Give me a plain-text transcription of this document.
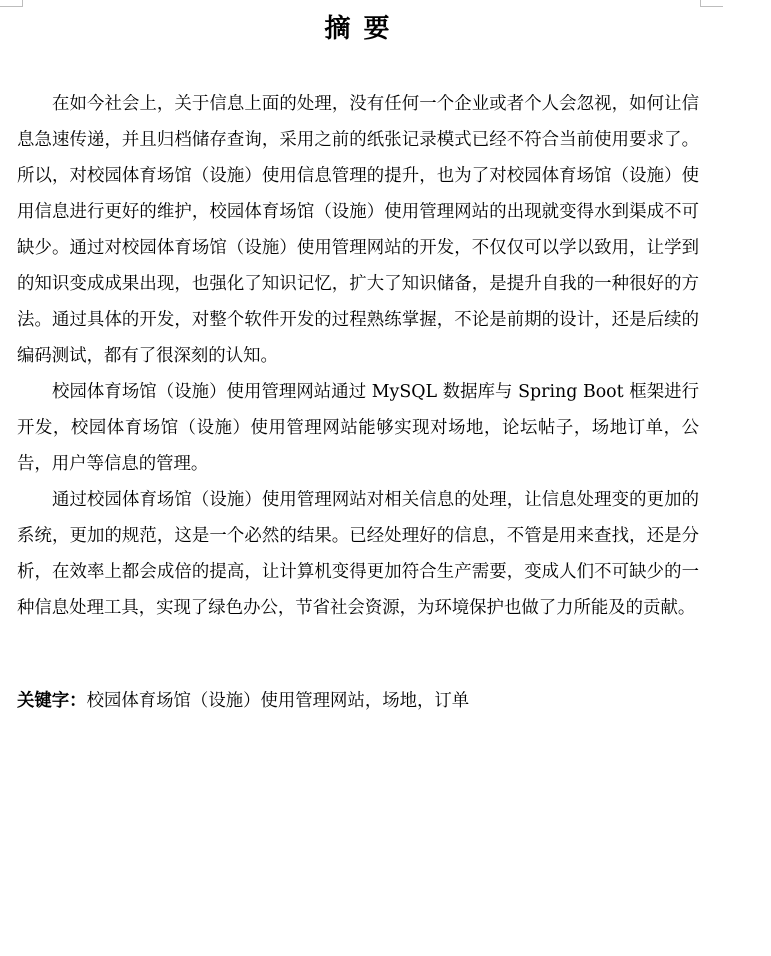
摘 要

在如今社会上，关于信息上面的处理，没有任何一个企业或者个人会忽视，如何让信息急速传递，并且归档储存查询，采用之前的纸张记录模式已经不符合当前使用要求了。所以，对校园体育场馆（设施）使用信息管理的提升，也为了对校园体育场馆（设施）使用信息进行更好的维护，校园体育场馆（设施）使用管理网站的出现就变得水到渠成不可缺少。通过对校园体育场馆（设施）使用管理网站的开发，不仅仅可以学以致用，让学到的知识变成成果出现，也强化了知识记忆，扩大了知识储备，是提升自我的一种很好的方法。通过具体的开发，对整个软件开发的过程熟练掌握，不论是前期的设计，还是后续的编码测试，都有了很深刻的认知。

校园体育场馆（设施）使用管理网站通过 MySQL 数据库与 Spring Boot 框架进行开发，校园体育场馆（设施）使用管理网站能够实现对场地，论坛帖子，场地订单，公告，用户等信息的管理。

通过校园体育场馆（设施）使用管理网站对相关信息的处理，让信息处理变的更加的系统，更加的规范，这是一个必然的结果。已经处理好的信息，不管是用来查找，还是分析，在效率上都会成倍的提高，让计算机变得更加符合生产需要，变成人们不可缺少的一种信息处理工具，实现了绿色办公，节省社会资源，为环境保护也做了力所能及的贡献。

关键字：校园体育场馆（设施）使用管理网站，场地，订单
